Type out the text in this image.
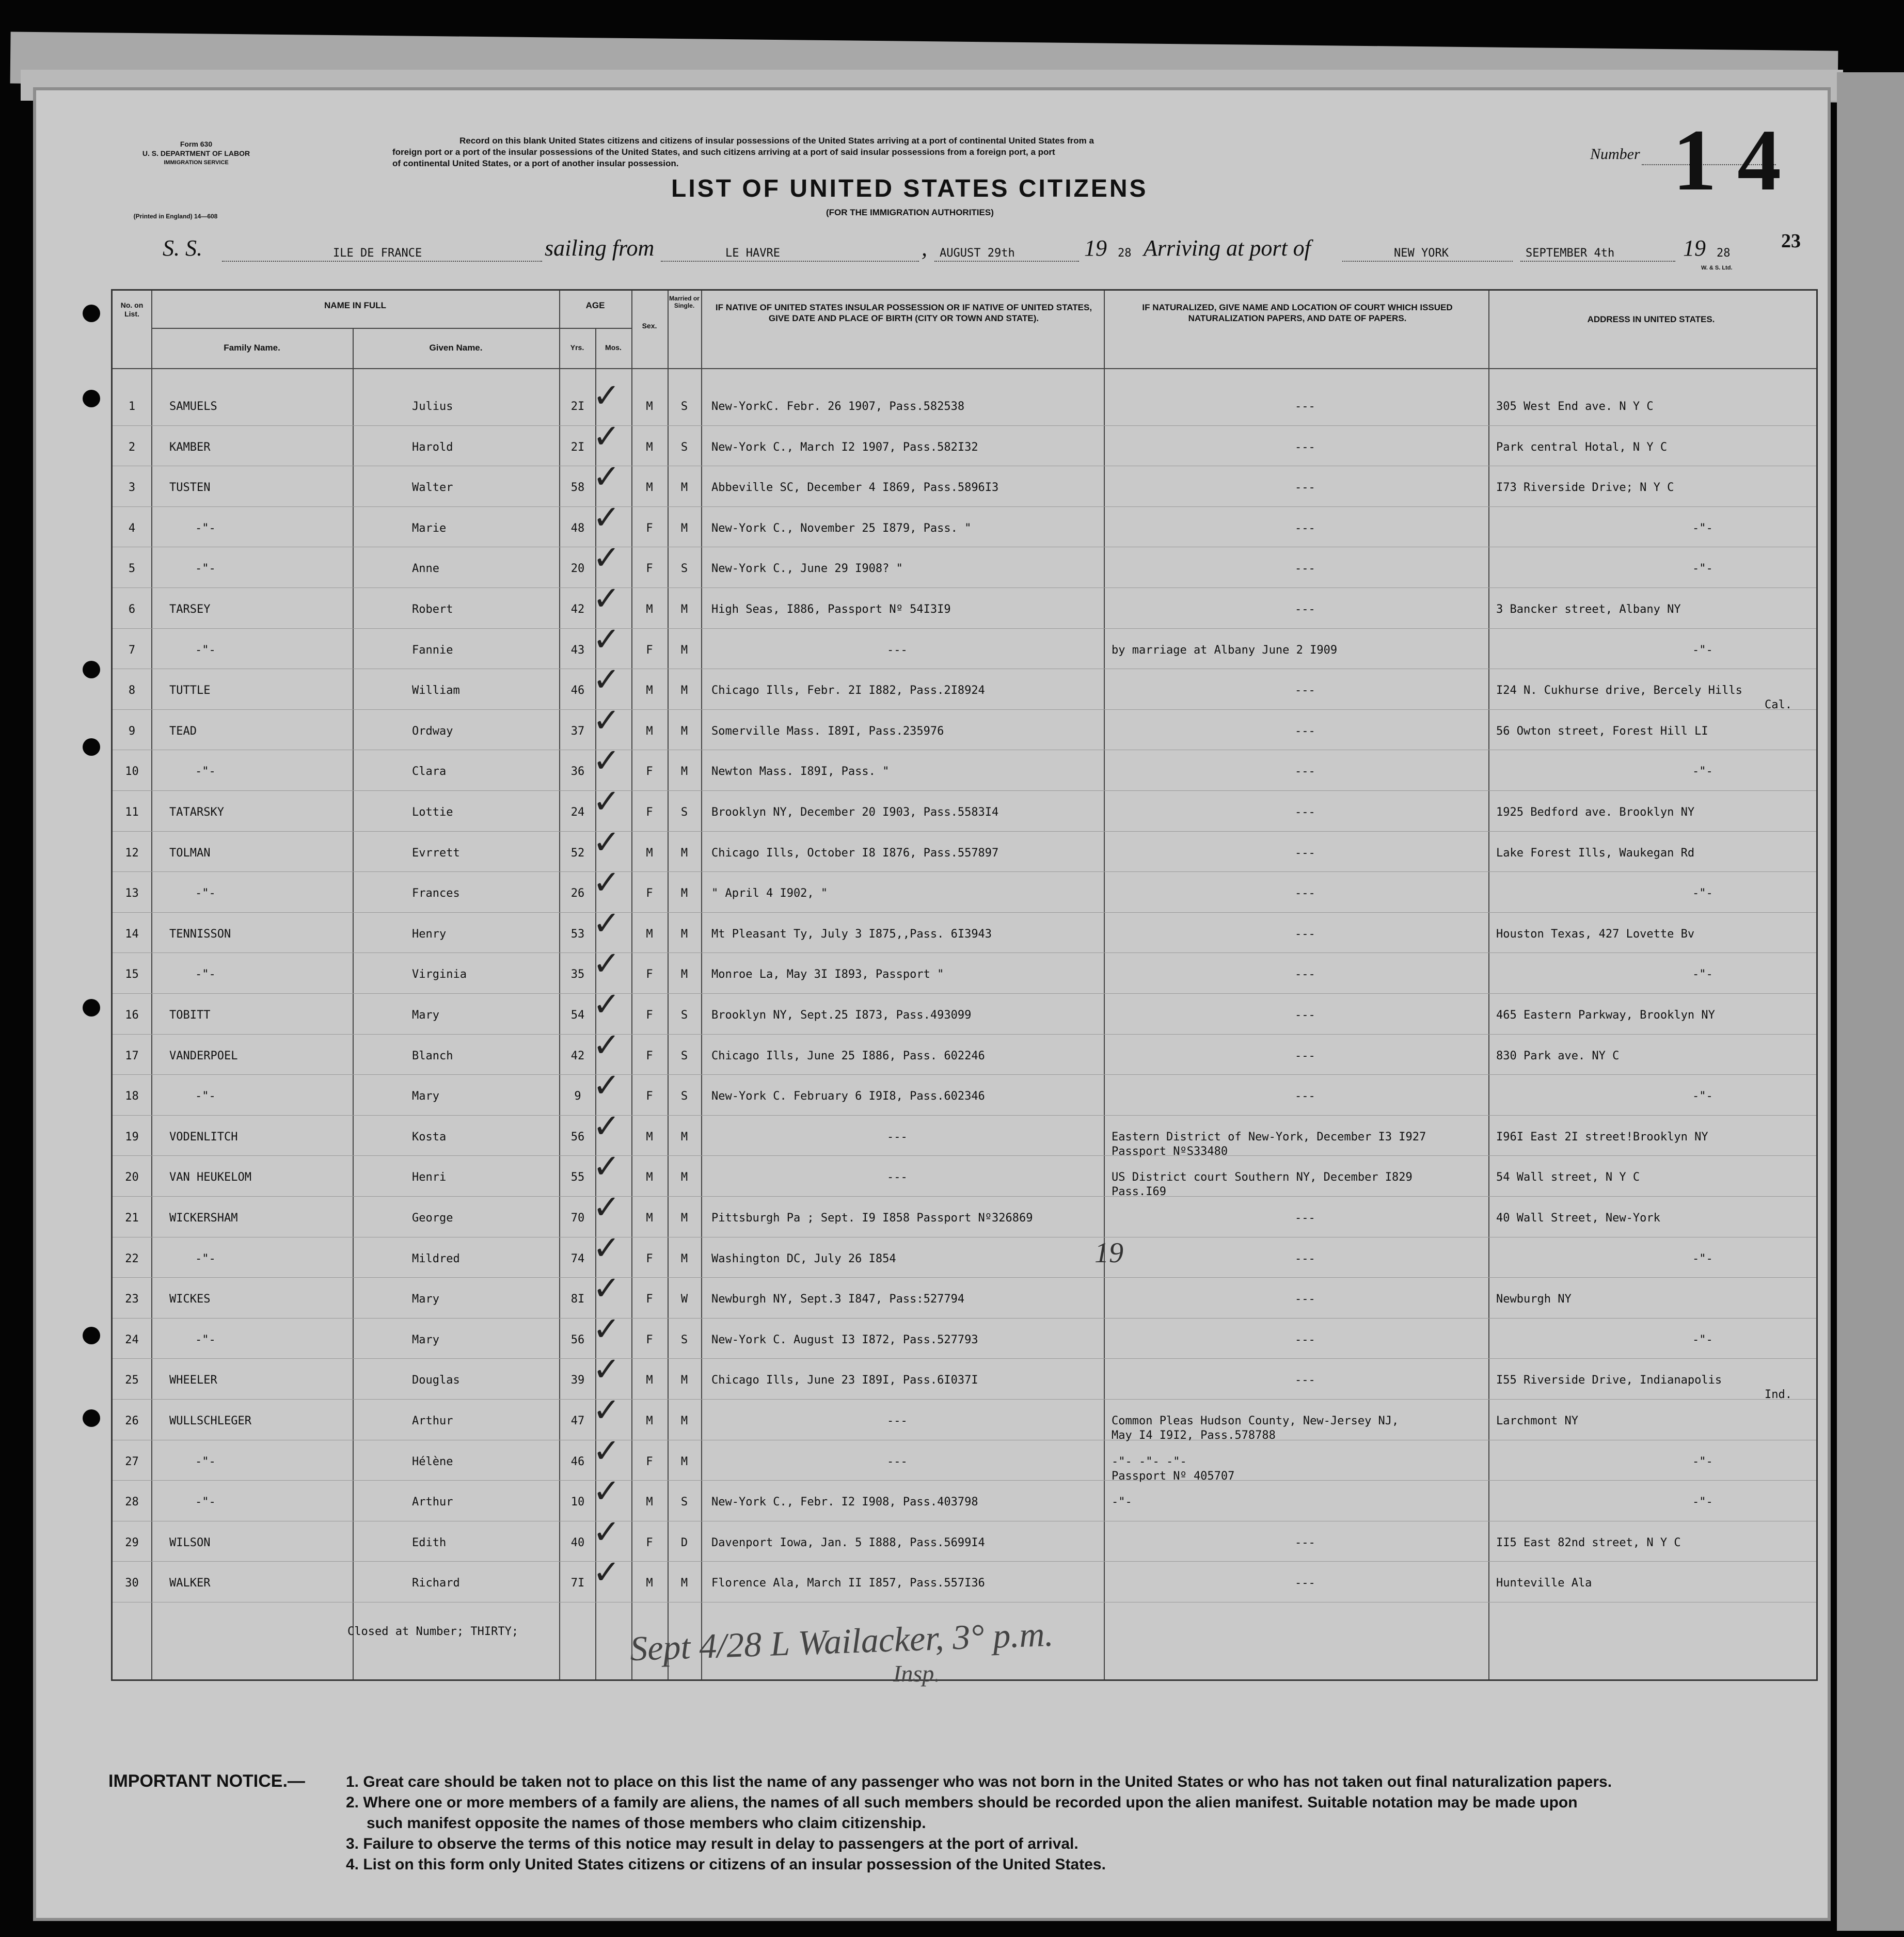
Form 630
U. S. DEPARTMENT OF LABOR
IMMIGRATION SERVICE
(Printed in England) 14—608
Record on this blank United States citizens and citizens of insular possessions of the United States arriving at a port of continental United States from a
foreign port or a port of the insular possessions of the United States, and such citizens arriving at a port of said insular possessions from a foreign port, a port
of continental United States, or a port of another insular possession.
LIST OF UNITED STATES CITIZENS
(FOR THE IMMIGRATION AUTHORITIES)
Number 14
23
S. S.	ILE DE FRANCE	sailing from	LE HAVRE	, AUGUST 29th	19 28 Arriving at port of	NEW YORK	SEPTEMBER 4th	19 28
W. & S. Ltd.
No. on List.
NAME IN FULL
Family Name.	Given Name.
AGE
Yrs.	Mos.
Sex.
Married or Single.	IF NATIVE OF UNITED STATES INSULAR POSSESSION OR IF NATIVE OF UNITED STATES, GIVE DATE AND PLACE OF BIRTH (CITY OR TOWN AND STATE).
IF NATURALIZED, GIVE NAME AND LOCATION OF COURT WHICH ISSUED NATURALIZATION PAPERS, AND DATE OF PAPERS.	ADDRESS IN UNITED STATES.
1	SAMUELS	Julius	2I	M	S	New-YorkC. Febr. 26 1907, Pass.582538	---	305 West End ave. N Y C
✓
2	KAMBER	Harold	2I	M	S	New-York C., March I2 1907, Pass.582I32	---	Park central Hotal, N Y C
✓
3	TUSTEN	Walter	58	M	M	Abbeville SC, December 4 I869, Pass.5896I3	---	I73 Riverside Drive; N Y C
✓
4	-"-	Marie	48	F	M	New-York C., November 25 I879, Pass. "	---	-"-
✓
5	-"-	Anne	20	F	S	New-York C., June 29 I908? "	---	-"-
✓
6	TARSEY	Robert	42	M	M	High Seas, I886, Passport Nº 54I3I9	---	3 Bancker street, Albany NY
✓
7	-"-	Fannie	43	F	M	---	by marriage at Albany June 2 I909	-"-
✓
8	TUTTLE	William	46	M	M	Chicago Ills, Febr. 2I I882, Pass.2I8924	---	I24 N. Cukhurse drive, Bercely Hills
Cal.
✓
9	TEAD	Ordway	37	M	M	Somerville Mass. I89I, Pass.235976	---	56 Owton street, Forest Hill LI
✓
10	-"-	Clara	36	F	M	Newton Mass. I89I, Pass. "	---	-"-
✓
11	TATARSKY	Lottie	24	F	S	Brooklyn NY, December 20 I903, Pass.5583I4	---	1925 Bedford ave. Brooklyn NY
✓
12	TOLMAN	Evrrett	52	M	M	Chicago Ills, October I8 I876, Pass.557897	---	Lake Forest Ills, Waukegan Rd
✓
13	-"-	Frances	26	F	M	" April 4 I902, "	---	-"-
✓
14	TENNISSON	Henry	53	M	M	Mt Pleasant Ty, July 3 I875,,Pass. 6I3943	---	Houston Texas, 427 Lovette Bv
✓
15	-"-	Virginia	35	F	M	Monroe La, May 3I I893, Passport "	---	-"-
✓
16	TOBITT	Mary	54	F	S	Brooklyn NY, Sept.25 I873, Pass.493099	---	465 Eastern Parkway, Brooklyn NY
✓
17	VANDERPOEL	Blanch	42	F	S	Chicago Ills, June 25 I886, Pass. 602246	---	830 Park ave. NY C
✓
18	-"-	Mary	9	F	S	New-York C. February 6 I9I8, Pass.602346	---	-"-
✓
19	VODENLITCH	Kosta	56	M	M	---	Eastern District of New-York, December I3 I927	I96I East 2I street!Brooklyn NY
Passport NºS33480
✓
20	VAN HEUKELOM	Henri	55	M	M	---	US District court Southern NY, December I829	54 Wall street, N Y C
Pass.I69
✓
21	WICKERSHAM	George	70	M	M	Pittsburgh Pa ; Sept. I9 I858 Passport Nº326869	---	40 Wall Street, New-York
✓
22	-"-	Mildred	74	F	M	Washington DC, July 26 I854	---	-"-
✓
23	WICKES	Mary	8I	F	W	Newburgh NY, Sept.3 I847, Pass:527794	---	Newburgh NY
✓
24	-"-	Mary	56	F	S	New-York C. August I3 I872, Pass.527793	---	-"-
✓
25	WHEELER	Douglas	39	M	M	Chicago Ills, June 23 I89I, Pass.6I037I	---	I55 Riverside Drive, Indianapolis
Ind.
✓
26	WULLSCHLEGER	Arthur	47	M	M	---	Common Pleas Hudson County, New-Jersey NJ,	Larchmont NY
May I4 I9I2, Pass.578788
✓
27	-"-	Hélène	46	F	M	---	-"- -"- -"-	-"-
Passport Nº 405707
✓
28	-"-	Arthur	10	M	S	New-York C., Febr. I2 I908, Pass.403798	-"-	-"-
✓
29	WILSON	Edith	40	F	D	Davenport Iowa, Jan. 5 I888, Pass.5699I4	---	II5 East 82nd street, N Y C
✓
30	WALKER	Richard	7I	M	M	Florence Ala, March II I857, Pass.557I36	---	Hunteville Ala
✓
Closed at Number; THIRTY;
19
Sept 4/28 L Wailacker, 3° p.m.
Insp.
IMPORTANT NOTICE.—	1. Great care should be taken not to place on this list the name of any passenger who was not born in the United States or who has not taken out final naturalization papers.
2. Where one or more members of a family are aliens, the names of all such members should be recorded upon the alien manifest. Suitable notation may be made upon
such manifest opposite the names of those members who claim citizenship.
3. Failure to observe the terms of this notice may result in delay to passengers at the port of arrival.
4. List on this form only United States citizens or citizens of an insular possession of the United States.
